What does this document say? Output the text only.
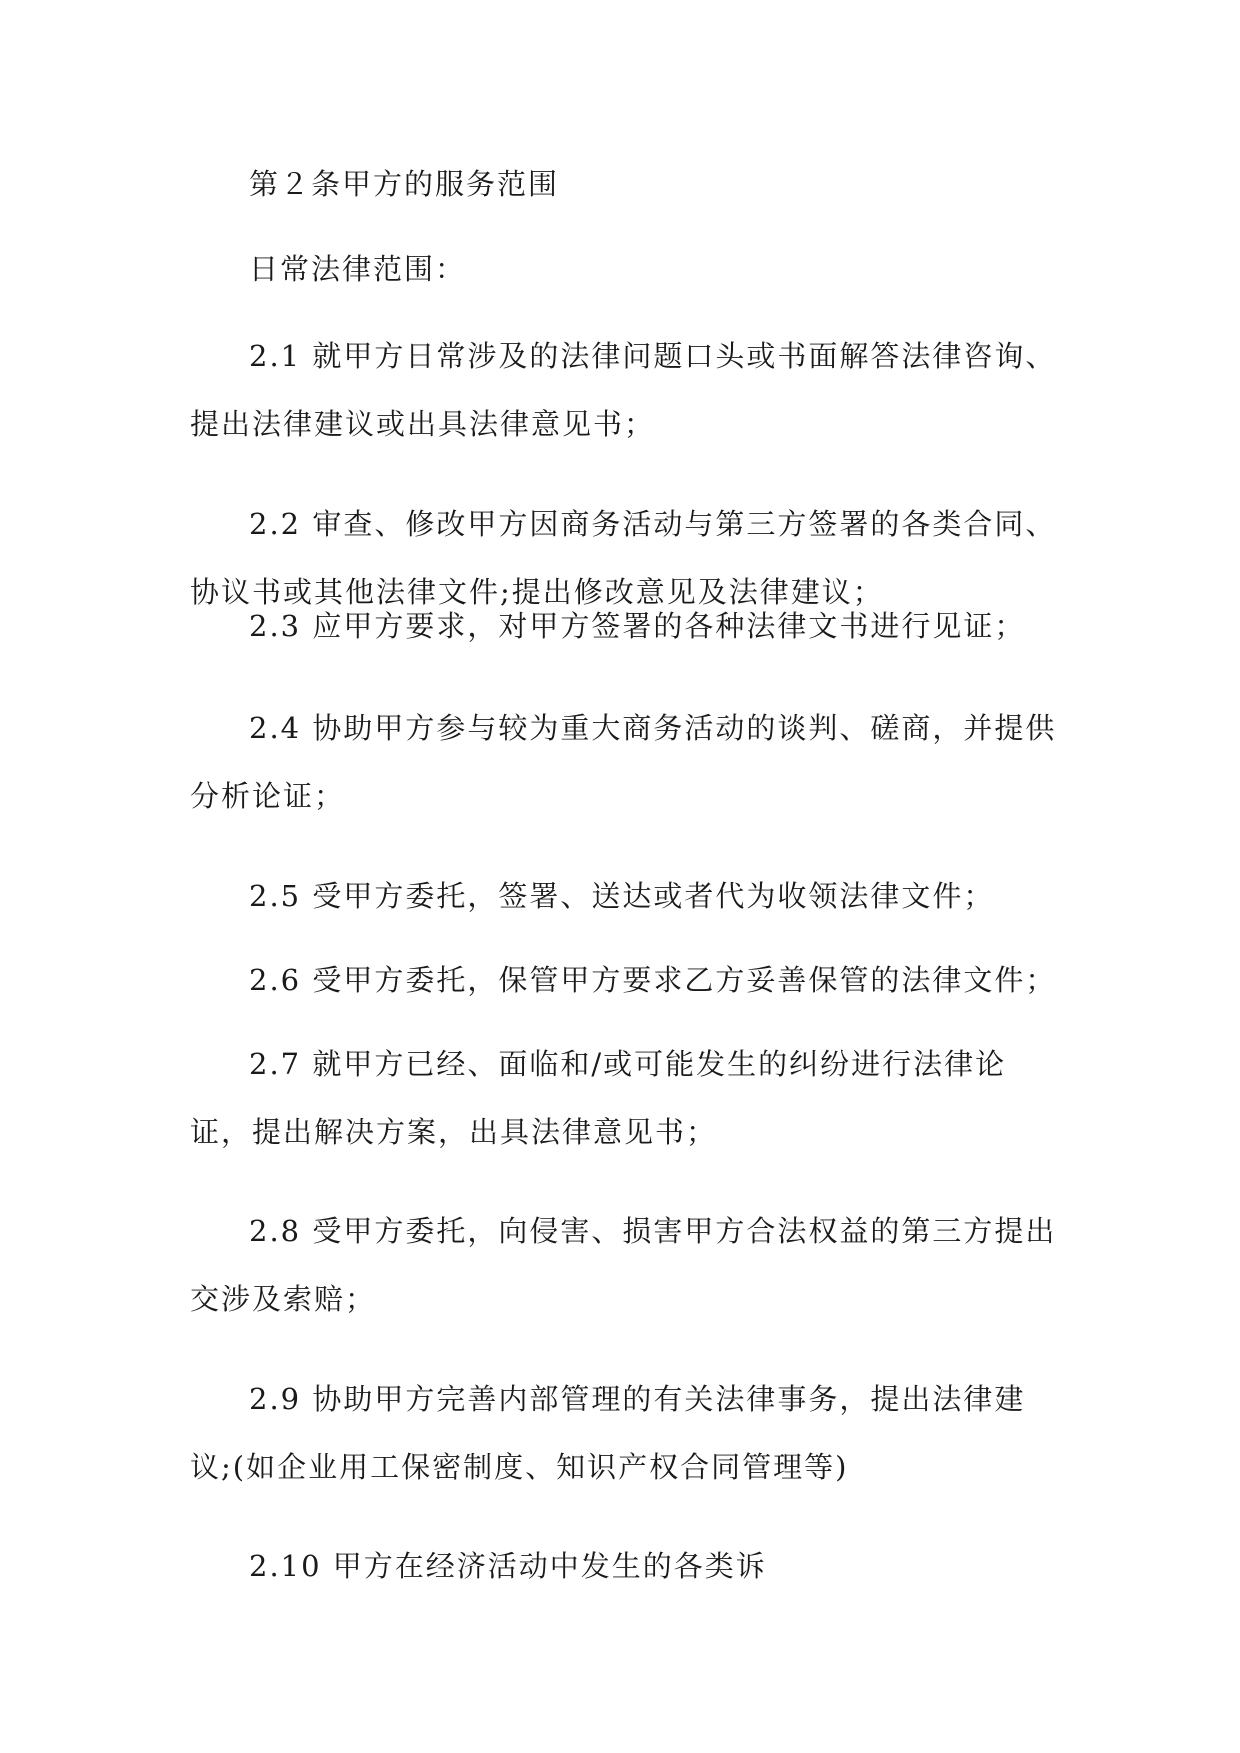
第２条甲方的服务范围

日常法律范围：

2.1 就甲方日常涉及的法律问题口头或书面解答法律咨询、提出法律建议或出具法律意见书；

2.2 审查、修改甲方因商务活动与第三方签署的各类合同、协议书或其他法律文件;提出修改意见及法律建议；

2.3 应甲方要求，对甲方签署的各种法律文书进行见证；

2.4 协助甲方参与较为重大商务活动的谈判、磋商，并提供分析论证；

2.5 受甲方委托，签署、送达或者代为收领法律文件；

2.6 受甲方委托，保管甲方要求乙方妥善保管的法律文件；

2.7 就甲方已经、面临和/或可能发生的纠纷进行法律论证，提出解决方案，出具法律意见书；

2.8 受甲方委托，向侵害、损害甲方合法权益的第三方提出交涉及索赔；

2.9 协助甲方完善内部管理的有关法律事务，提出法律建议;(如企业用工保密制度、知识产权合同管理等)

2.10 甲方在经济活动中发生的各类诉
